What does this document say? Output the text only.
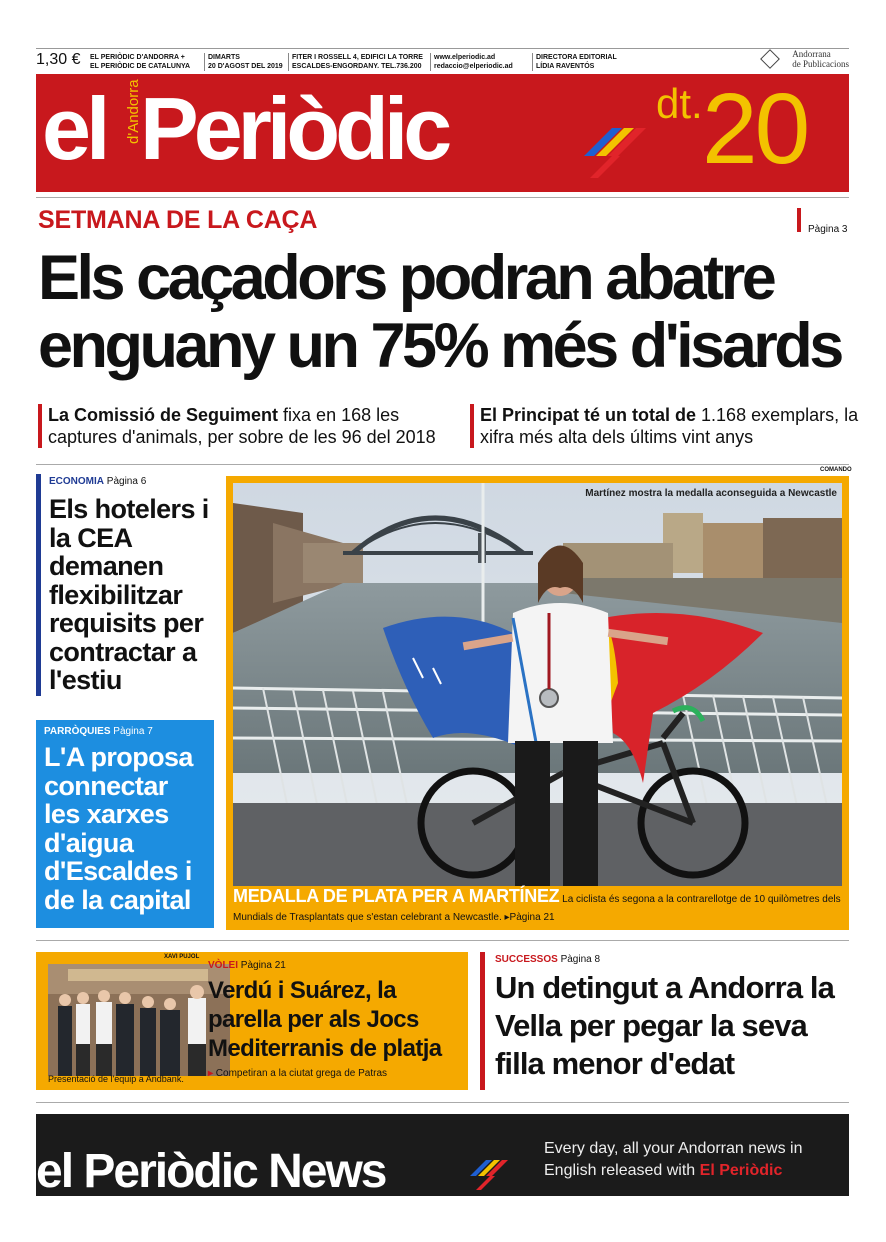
1,30 € EL PERIÒDIC D'ANDORRA +
EL PERIÒDIC DE CATALUNYA
DIMARTS
20 D'AGOST DEL 2019
FITER I ROSSELL 4, EDIFICI LA TORRE
ESCALDES-ENGORDANY. TEL.736.200
www.elperiodic.ad
redaccio@elperiodic.ad
DIRECTORA EDITORIAL
LÍDIA RAVENTÓS
Andorrana
de Publicacions
el d'Andorra
Periòdic	dt. 20
SETMANA DE LA CAÇA	Pàgina 3
Els caçadors podran abatre
enguany un 75% més d'isards
La Comissió de Seguiment fixa en 168 les captures d'animals, per sobre de les 96 del 2018
El Principat té un total de 1.168 exemplars, la xifra més alta dels últims vint anys
ECONOMIA Pàgina 6
Els hotelers i la CEA demanen flexibilitzar requisits per contractar a l'estiu
PARRÒQUIES Pàgina 7
L'A proposa connectar les xarxes d'aigua d'Escaldes i de la capital
COMANDO
Martínez mostra la medalla aconseguida a Newcastle
MEDALLA DE PLATA PER A MARTÍNEZ La ciclista és segona a la contrarellotge de 10 quilòmetres dels Mundials de Trasplantats que s'estan celebrant a Newcastle. ▸Pàgina 21
XAVI PUJOL
Presentació de l'equip a Andbank.
VÒLEI Pàgina 21
Verdú i Suárez, la parella per als Jocs Mediterranis de platja
▸ Competiran a la ciutat grega de Patras
SUCCESSOS Pàgina 8
Un detingut a Andorra la Vella per pegar la seva filla menor d'edat
el Periòdic News	Every day, all your Andorran news in English released with El Periòdic
